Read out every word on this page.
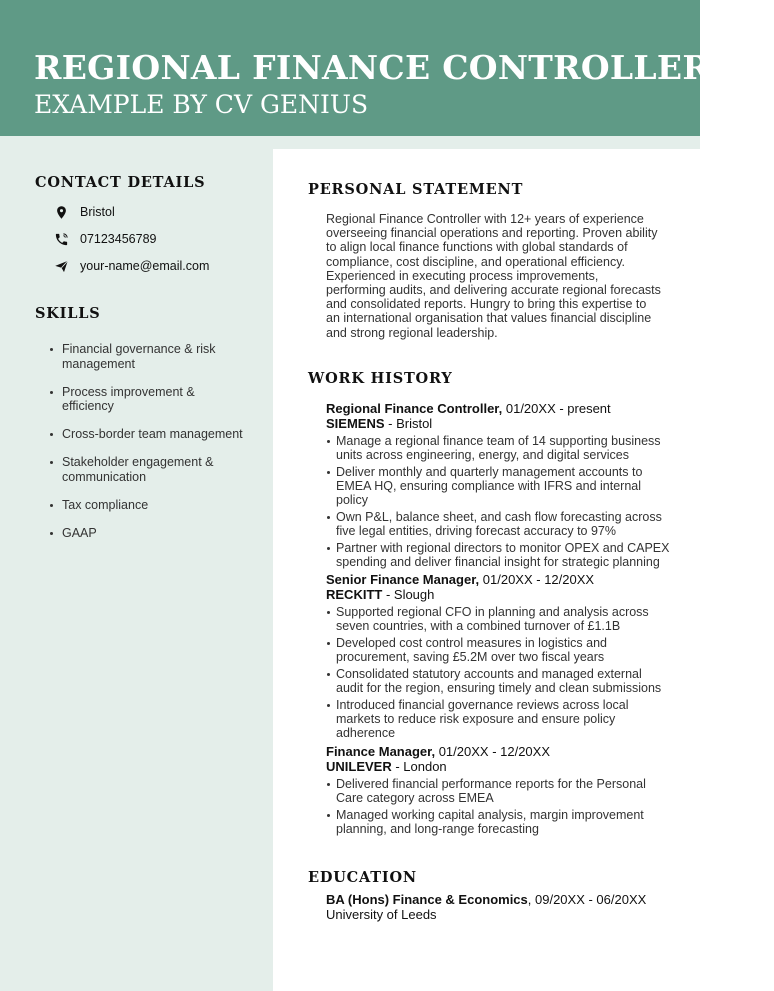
REGIONAL FINANCE CONTROLLER CV
EXAMPLE BY CV GENIUS
CONTACT DETAILS
Bristol
07123456789
your-name@email.com
SKILLS
Financial governance & risk management
Process improvement & efficiency
Cross-border team management
Stakeholder engagement & communication
Tax compliance
GAAP
PERSONAL STATEMENT

Regional Finance Controller with 12+ years of experience overseeing financial operations and reporting. Proven ability to align local finance functions with global standards of compliance, cost discipline, and operational efficiency. Experienced in executing process improvements, performing audits, and delivering accurate regional forecasts and consolidated reports. Hungry to bring this expertise to an international organisation that values financial discipline and strong regional leadership.

WORK HISTORY
Regional Finance Controller, 01/20XX - present
SIEMENS - Bristol
Manage a regional finance team of 14 supporting business units across engineering, energy, and digital services
Deliver monthly and quarterly management accounts to EMEA HQ, ensuring compliance with IFRS and internal policy
Own P&L, balance sheet, and cash flow forecasting across five legal entities, driving forecast accuracy to 97%
Partner with regional directors to monitor OPEX and CAPEX spending and deliver financial insight for strategic planning
Senior Finance Manager, 01/20XX - 12/20XX
RECKITT - Slough
Supported regional CFO in planning and analysis across seven countries, with a combined turnover of £1.1B
Developed cost control measures in logistics and procurement, saving £5.2M over two fiscal years
Consolidated statutory accounts and managed external audit for the region, ensuring timely and clean submissions
Introduced financial governance reviews across local markets to reduce risk exposure and ensure policy adherence
Finance Manager, 01/20XX - 12/20XX
UNILEVER - London
Delivered financial performance reports for the Personal Care category across EMEA
Managed working capital analysis, margin improvement planning, and long-range forecasting
EDUCATION
BA (Hons) Finance & Economics, 09/20XX - 06/20XX
University of Leeds
